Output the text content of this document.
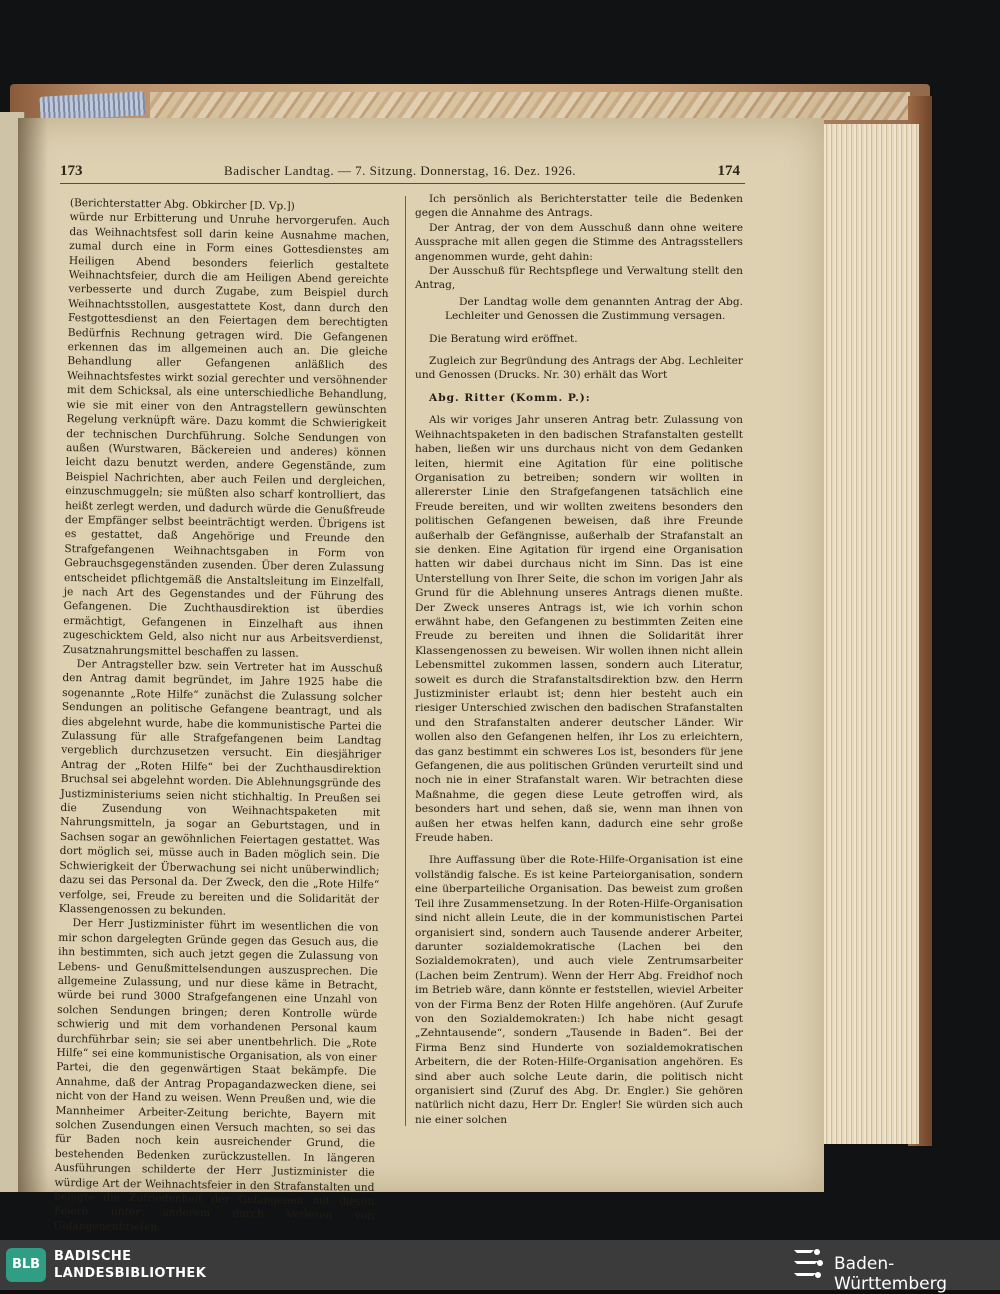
173	Badischer Landtag. — 7. Sitzung. Donnerstag, 16. Dez. 1926.	174

(Berichterstatter Abg. Obkircher [D. Vp.])

würde nur Erbitterung und Unruhe hervorgerufen. Auch das Weihnachtsfest soll darin keine Ausnahme machen, zumal durch eine in Form eines Gottesdienstes am Heiligen Abend besonders feierlich gestaltete Weihnachtsfeier, durch die am Heiligen Abend gereichte verbesserte und durch Zugabe, zum Beispiel durch Weihnachtsstollen, ausgestattete Kost, dann durch den Festgottesdienst an den Feiertagen dem berechtigten Bedürfnis Rechnung getragen wird. Die Gefangenen erkennen das im allgemeinen auch an. Die gleiche Behandlung aller Gefangenen anläßlich des Weihnachtsfestes wirkt sozial gerechter und versöhnender mit dem Schicksal, als eine unterschiedliche Behandlung, wie sie mit einer von den Antragstellern gewünschten Regelung verknüpft wäre. Dazu kommt die Schwierigkeit der technischen Durchführung. Solche Sendungen von außen (Wurstwaren, Bäckereien und anderes) können leicht dazu benutzt werden, andere Gegenstände, zum Beispiel Nachrichten, aber auch Feilen und dergleichen, einzuschmuggeln; sie müßten also scharf kontrolliert, das heißt zerlegt werden, und dadurch würde die Genußfreude der Empfänger selbst beeinträchtigt werden. Übrigens ist es gestattet, daß Angehörige und Freunde den Strafgefangenen Weihnachtsgaben in Form von Gebrauchsgegenständen zusenden. Über deren Zulassung entscheidet pflichtgemäß die Anstaltsleitung im Einzelfall, je nach Art des Gegenstandes und der Führung des Gefangenen. Die Zuchthausdirektion ist überdies ermächtigt, Gefangenen in Einzelhaft aus ihnen zugeschicktem Geld, also nicht nur aus Arbeitsverdienst, Zusatznahrungsmittel beschaffen zu lassen.

Der Antragsteller bzw. sein Vertreter hat im Ausschuß den Antrag damit begründet, im Jahre 1925 habe die sogenannte „Rote Hilfe“ zunächst die Zulassung solcher Sendungen an politische Gefangene beantragt, und als dies abgelehnt wurde, habe die kommunistische Partei die Zulassung für alle Strafgefangenen beim Landtag vergeblich durchzusetzen versucht. Ein diesjähriger Antrag der „Roten Hilfe“ bei der Zuchthausdirektion Bruchsal sei abgelehnt worden. Die Ablehnungsgründe des Justizministeriums seien nicht stichhaltig. In Preußen sei die Zusendung von Weihnachtspaketen mit Nahrungsmitteln, ja sogar an Geburtstagen, und in Sachsen sogar an gewöhnlichen Feiertagen gestattet. Was dort möglich sei, müsse auch in Baden möglich sein. Die Schwierigkeit der Überwachung sei nicht unüberwindlich; dazu sei das Personal da. Der Zweck, den die „Rote Hilfe“ verfolge, sei, Freude zu bereiten und die Solidarität der Klassengenossen zu bekunden.

Der Herr Justizminister führt im wesentlichen die von mir schon dargelegten Gründe gegen das Gesuch aus, die ihn bestimmten, sich auch jetzt gegen die Zulassung von Lebens- und Genußmittelsendungen auszusprechen. Die allgemeine Zulassung, und nur diese käme in Betracht, würde bei rund 3000 Strafgefangenen eine Unzahl von solchen Sendungen bringen; deren Kontrolle würde schwierig und mit dem vorhandenen Personal kaum durchführbar sein; sie sei aber unentbehrlich. Die „Rote Hilfe“ sei eine kommunistische Organisation, als von einer Partei, die den gegenwärtigen Staat bekämpfe. Die Annahme, daß der Antrag Propagandazwecken diene, sei nicht von der Hand zu weisen. Wenn Preußen und, wie die Mannheimer Arbeiter-Zeitung berichte, Bayern mit solchen Zusendungen einen Versuch machten, so sei das für Baden noch kein ausreichender Grund, die bestehenden Bedenken zurückzustellen. In längeren Ausführungen schilderte der Herr Justizminister die würdige Art der Weihnachtsfeier in den Strafanstalten und belegte die Zufriedenheit der Gefangenen mit diesen Feiern unter anderem durch Verlesen von Gefangenenbriefen.

Ich persönlich als Berichterstatter teile die Bedenken gegen die Annahme des Antrags.

Der Antrag, der von dem Ausschuß dann ohne weitere Aussprache mit allen gegen die Stimme des Antragsstellers angenommen wurde, geht dahin:

Der Ausschuß für Rechtspflege und Verwaltung stellt den Antrag,

Der Landtag wolle dem genannten Antrag der Abg. Lechleiter und Genossen die Zustimmung versagen.

Die Beratung wird eröffnet.

Zugleich zur Begründung des Antrags der Abg. Lechleiter und Genossen (Drucks. Nr. 30) erhält das Wort

Abg. Ritter (Komm. P.):

Als wir voriges Jahr unseren Antrag betr. Zulassung von Weihnachtspaketen in den badischen Strafanstalten gestellt haben, ließen wir uns durchaus nicht von dem Gedanken leiten, hiermit eine Agitation für eine politische Organisation zu betreiben; sondern wir wollten in allererster Linie den Strafgefangenen tatsächlich eine Freude bereiten, und wir wollten zweitens besonders den politischen Gefangenen beweisen, daß ihre Freunde außerhalb der Gefängnisse, außerhalb der Strafanstalt an sie denken. Eine Agitation für irgend eine Organisation hatten wir dabei durchaus nicht im Sinn. Das ist eine Unterstellung von Ihrer Seite, die schon im vorigen Jahr als Grund für die Ablehnung unseres Antrags dienen mußte. Der Zweck unseres Antrags ist, wie ich vorhin schon erwähnt habe, den Gefangenen zu bestimmten Zeiten eine Freude zu bereiten und ihnen die Solidarität ihrer Klassengenossen zu beweisen. Wir wollen ihnen nicht allein Lebensmittel zukommen lassen, sondern auch Literatur, soweit es durch die Strafanstaltsdirektion bzw. den Herrn Justizminister erlaubt ist; denn hier besteht auch ein riesiger Unterschied zwischen den badischen Strafanstalten und den Strafanstalten anderer deutscher Länder. Wir wollen also den Gefangenen helfen, ihr Los zu erleichtern, das ganz bestimmt ein schweres Los ist, besonders für jene Gefangenen, die aus politischen Gründen verurteilt sind und noch nie in einer Strafanstalt waren. Wir betrachten diese Maßnahme, die gegen diese Leute getroffen wird, als besonders hart und sehen, daß sie, wenn man ihnen von außen her etwas helfen kann, dadurch eine sehr große Freude haben.

Ihre Auffassung über die Rote-Hilfe-Organisation ist eine vollständig falsche. Es ist keine Parteiorganisation, sondern eine überparteiliche Organisation. Das beweist zum großen Teil ihre Zusammensetzung. In der Roten-Hilfe-Organisation sind nicht allein Leute, die in der kommunistischen Partei organisiert sind, sondern auch Tausende anderer Arbeiter, darunter sozialdemokratische (Lachen bei den Sozialdemokraten), und auch viele Zentrumsarbeiter (Lachen beim Zentrum). Wenn der Herr Abg. Freidhof noch im Betrieb wäre, dann könnte er feststellen, wieviel Arbeiter von der Firma Benz der Roten Hilfe angehören. (Auf Zurufe von den Sozialdemokraten:) Ich habe nicht gesagt „Zehntausende“, sondern „Tausende in Baden“. Bei der Firma Benz sind Hunderte von sozialdemokratischen Arbeitern, die der Roten-Hilfe-Organisation angehören. Es sind aber auch solche Leute darin, die politisch nicht organisiert sind (Zuruf des Abg. Dr. Engler.) Sie gehören natürlich nicht dazu, Herr Dr. Engler! Sie würden sich auch nie einer solchen

BLB
BADISCHE
LANDESBIBLIOTHEK	Baden-Württemberg
